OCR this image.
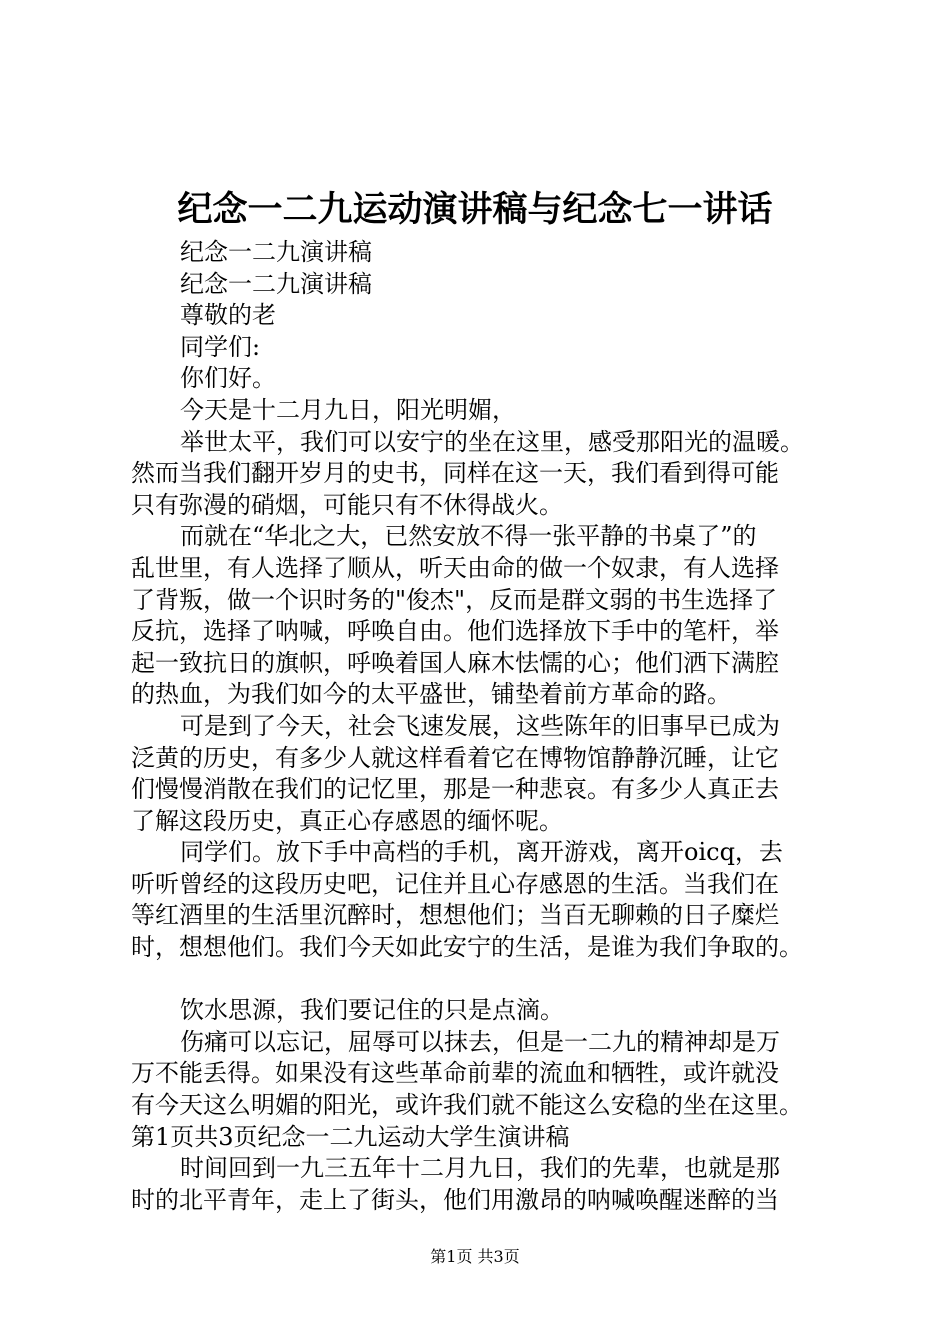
纪念一二九运动演讲稿与纪念七一讲话

纪念一二九演讲稿

纪念一二九演讲稿

尊敬的老

同学们:

你们好。

今天是十二月九日，阳光明媚，

举世太平，我们可以安宁的坐在这里，感受那阳光的温暖。

然而当我们翻开岁月的史书，同样在这一天，我们看到得可能

只有弥漫的硝烟，可能只有不休得战火。

而就在“华北之大，已然安放不得一张平静的书桌了”的

乱世里，有人选择了顺从，听天由命的做一个奴隶，有人选择

了背叛，做一个识时务的"俊杰"，反而是群文弱的书生选择了

反抗，选择了呐喊，呼唤自由。他们选择放下手中的笔杆，举

起一致抗日的旗帜，呼唤着国人麻木怯懦的心；他们洒下满腔

的热血，为我们如今的太平盛世，铺垫着前方革命的路。

可是到了今天，社会飞速发展，这些陈年的旧事早已成为

泛黄的历史，有多少人就这样看着它在博物馆静静沉睡，让它

们慢慢消散在我们的记忆里，那是一种悲哀。有多少人真正去

了解这段历史，真正心存感恩的缅怀呢。

同学们。放下手中高档的手机，离开游戏，离开oicq，去

听听曾经的这段历史吧，记住并且心存感恩的生活。当我们在

等红酒里的生活里沉醉时，想想他们；当百无聊赖的日子糜烂

时，想想他们。我们今天如此安宁的生活，是谁为我们争取的。

饮水思源，我们要记住的只是点滴。

伤痛可以忘记，屈辱可以抹去，但是一二九的精神却是万

万不能丢得。如果没有这些革命前辈的流血和牺牲，或许就没

有今天这么明媚的阳光，或许我们就不能这么安稳的坐在这里。

第1页共3页纪念一二九运动大学生演讲稿

时间回到一九三五年十二月九日，我们的先辈，也就是那

时的北平青年，走上了街头，他们用激昂的呐喊唤醒迷醉的当

第1页 共3页
